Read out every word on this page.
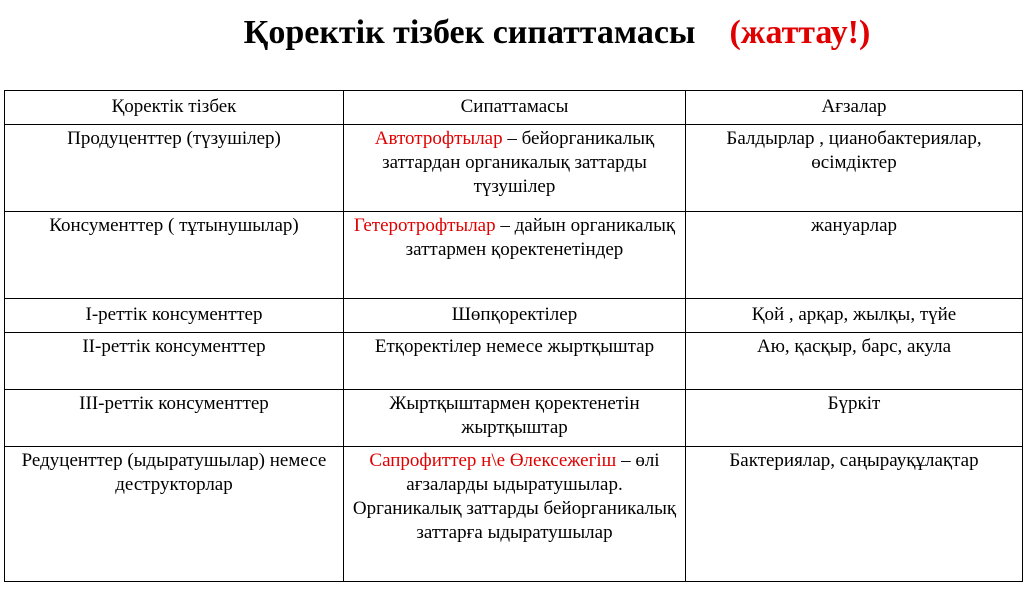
Қоректік тізбек сипаттамасы (жаттау!)
Қоректік тізбек	Сипаттамасы	Ағзалар
Продуценттер (түзушілер)	Автотрофтылар – бейорганикалық заттардан органикалық заттарды түзушілер	Балдырлар , цианобактериялар, өсімдіктер
Консументтер ( тұтынушылар)	Гетеротрофтылар – дайын органикалық заттармен қоректенетіндер	жануарлар
І-реттік консументтер	Шөпқоректілер	Қой , арқар, жылқы, түйе
ІІ-реттік консументтер	Етқоректілер немесе жыртқыштар	Аю, қасқыр, барс, акула
ІІІ-реттік консументтер	Жыртқыштармен қоректенетін жыртқыштар	Бүркіт
Редуценттер (ыдыратушылар) немесе деструкторлар	Сапрофиттер н\е Өлексежегіш – өлі ағзаларды ыдыратушылар. Органикалық заттарды бейорганикалық заттарға ыдыратушылар	Бактериялар, саңырауқұлақтар
